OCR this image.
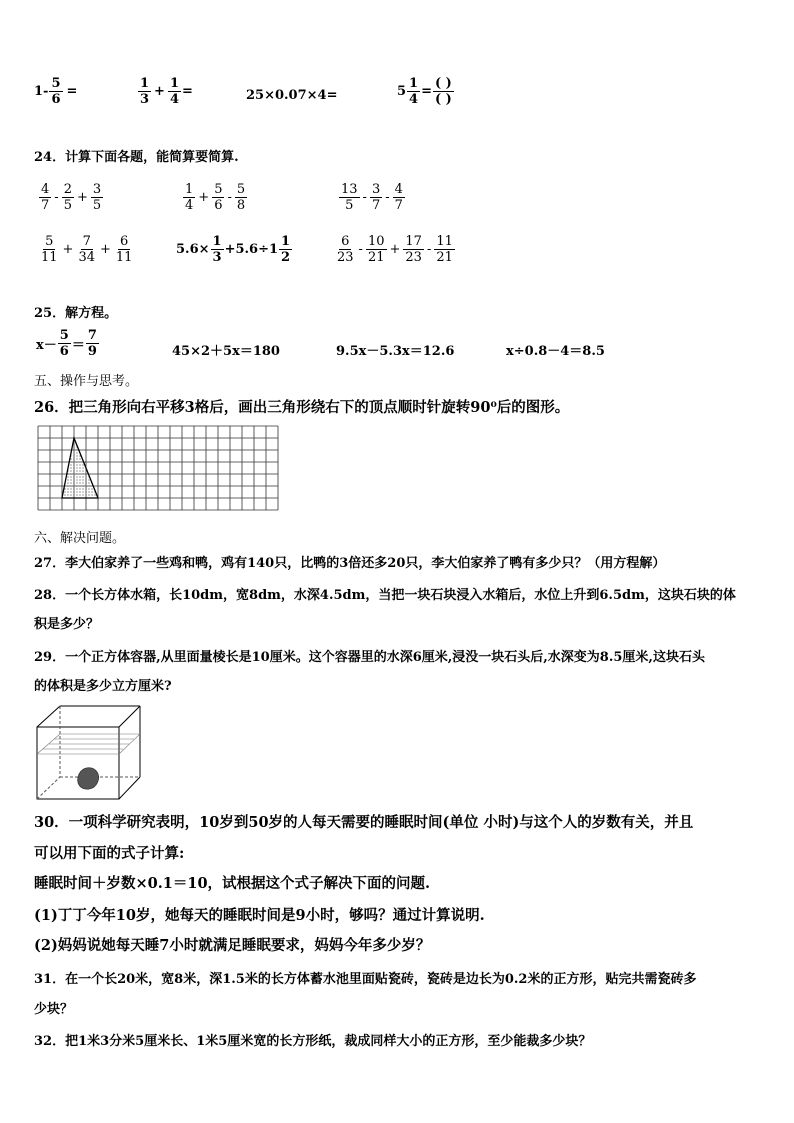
$1- \frac{5}{6}$ =	$\frac{1}{3} + \frac{1}{4}$ =	25×0.07×4=	$5 \frac{1}{4} = \frac{( )}{( )}$
24．计算下面各题，能简算要简算.
$\frac{4}{7} - \frac{2}{5} + \frac{3}{5}$	$\frac{1}{4} + \frac{5}{6} - \frac{5}{8}$	$\frac{13}{5} - \frac{3}{7} - \frac{4}{7}$
$\frac{5}{11} + \frac{7}{34} + \frac{6}{11}$	$5.6\times \frac{1}{3} +5.6\div 1 \frac{1}{2}$	$\frac{6}{23} - \frac{10}{21} + \frac{17}{23} - \frac{11}{21}$
25．解方程。
$x- \frac{5}{6} = \frac{7}{9}$	45×2＋5x＝180	9.5x－5.3x＝12.6	x÷0.8－4＝8.5
五、操作与思考。
26．把三角形向右平移3格后，画出三角形绕右下的顶点顺时针旋转90⁰后的图形。
六、解决问题。
27．李大伯家养了一些鸡和鸭，鸡有140只，比鸭的3倍还多20只，李大伯家养了鸭有多少只？（用方程解）
28．一个长方体水箱，长10dm，宽8dm，水深4.5dm，当把一块石块浸入水箱后，水位上升到6.5dm，这块石块的体
积是多少？
29．一个正方体容器,从里面量棱长是10厘米。这个容器里的水深6厘米,浸没一块石头后,水深变为8.5厘米,这块石头
的体积是多少立方厘米?
30．一项科学研究表明，10岁到50岁的人每天需要的睡眠时间(单位 小时)与这个人的岁数有关，并且
可以用下面的式子计算:
睡眠时间＋岁数×0.1＝10，试根据这个式子解决下面的问题.
(1)丁丁今年10岁，她每天的睡眠时间是9小时，够吗？通过计算说明.
(2)妈妈说她每天睡7小时就满足睡眠要求，妈妈今年多少岁？
31．在一个长20米，宽8米，深1.5米的长方体蓄水池里面贴瓷砖，瓷砖是边长为0.2米的正方形，贴完共需瓷砖多
少块？
32．把1米3分米5厘米长、1米5厘米宽的长方形纸，裁成同样大小的正方形，至少能裁多少块？
